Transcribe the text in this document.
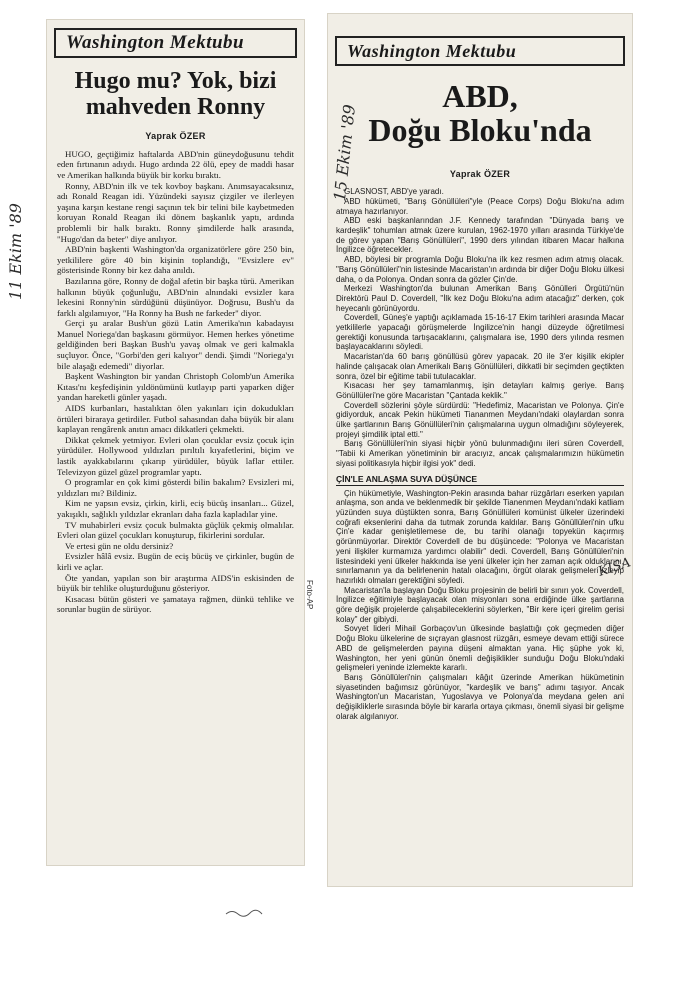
Washington Mektubu
Hugo mu? Yok, bizi mahveden Ronny
Yaprak ÖZER

HUGO, geçtiğimiz haftalarda ABD'nin güneydoğusunu tehdit eden fırtınanın adıydı. Hugo ardında 22 ölü, epey de maddi hasar ve Amerikan halkında büyük bir korku bıraktı.

Ronny, ABD'nin ilk ve tek kovboy başkanı. Anımsayacaksınız, adı Ronald Reagan idi. Yüzündeki sayısız çizgiler ve ilerleyen yaşına karşın kestane rengi saçının tek bir telini bile kaybetmeden koruyan Ronald Reagan iki dönem başkanlık yaptı, ardında problemli bir halk bıraktı. Ronny şimdilerde halk arasında, "Hugo'dan da beter" diye anılıyor.

ABD'nin başkenti Washington'da organizatörlere göre 250 bin, yetkililere göre 40 bin kişinin toplandığı, "Evsizlere ev" gösterisinde Ronny bir kez daha anıldı.

Bazılarına göre, Ronny de doğal afetin bir başka türü. Amerikan halkının büyük çoğunluğu, ABD'nin alnındaki evsizler kara lekesini Ronny'nin sürdüğünü düşünüyor. Doğrusu, Bush'u da farklı algılamıyor, "Ha Ronny ha Bush ne farkeder" diyor.

Gerçi şu aralar Bush'un gözü Latin Amerika'nın kabadayısı Manuel Noriega'dan başkasını görmüyor. Hemen herkes yönetime geldiğinden beri Başkan Bush'u yavaş olmak ve geri kalmakla suçluyor. Önce, "Gorbi'den geri kalıyor" dendi. Şimdi "Noriega'yı bile alaşağı edemedi" diyorlar.

Başkent Washington bir yandan Christoph Colomb'un Amerika Kıtası'nı keşfedişinin yıldönümünü kutlayıp parti yaparken diğer yandan hareketli günler yaşadı.

AIDS kurbanları, hastalıktan ölen yakınları için dokudukları örtüleri biraraya getirdiler. Futbol sahasından daha büyük bir alanı kaplayan rengârenk anıtın amacı dikkatleri çekmekti.

Dikkat çekmek yetmiyor. Evleri olan çocuklar evsiz çocuk için yürüdüler. Hollywood yıldızları pırıltılı kıyafetlerini, biçim ve lastik ayakkabılarını çıkarıp yürüdüler, büyük laflar ettiler. Televizyon güzel güzel programlar yaptı.

O programlar en çok kimi gösterdi bilin bakalım? Evsizleri mi, yıldızları mı? Bildiniz.

Kim ne yapsın evsiz, çirkin, kirli, eciş bücüş insanları... Güzel, yakışıklı, sağlıklı yıldızlar ekranları daha fazla kapladılar yine.

TV muhabirleri evsiz çocuk bulmakta güçlük çekmiş olmalılar. Evleri olan güzel çocukları konuşturup, fikirlerini sordular.

Ve ertesi gün ne oldu dersiniz?

Evsizler hâlâ evsiz. Bugün de eciş bücüş ve çirkinler, bugün de kirli ve açlar.

Öte yandan, yapılan son bir araştırma AIDS'in eskisinden de büyük bir tehlike oluşturduğunu gösteriyor.

Kısacası bütün gösteri ve şamataya rağmen, dünkü tehlike ve sorunlar bugün de sürüyor.

Washington Mektubu
ABD,
Doğu Bloku'nda
Yaprak ÖZER

GLASNOST, ABD'ye yaradı.

ABD hükümeti, "Barış Gönüllüleri"yle (Peace Corps) Doğu Bloku'na adım atmaya hazırlanıyor.

ABD eski başkanlarından J.F. Kennedy tarafından "Dünyada barış ve kardeşlik" tohumları atmak üzere kurulan, 1962-1970 yılları arasında Türkiye'de de görev yapan "Barış Gönüllüleri", 1990 ders yılından itibaren Macar halkına İngilizce öğretecekler.

ABD, böylesi bir programla Doğu Bloku'na ilk kez resmen adım atmış olacak. "Barış Gönüllüleri"nin listesinde Macaristan'ın ardında bir diğer Doğu Bloku ülkesi daha, o da Polonya. Ondan sonra da gözler Çin'de.

Merkezi Washington'da bulunan Amerikan Barış Gönülleri Örgütü'nün Direktörü Paul D. Coverdell, "İlk kez Doğu Bloku'na adım atacağız" derken, çok heyecanlı görünüyordu.

Coverdell, Güneş'e yaptığı açıklamada 15-16-17 Ekim tarihleri arasında Macar yetkililerle yapacağı görüşmelerde İngilizce'nin hangi düzeyde öğretilmesi gerektiği konusunda tartışacaklarını, çalışmalara ise, 1990 ders yılında resmen başlayacaklarını söyledi.

Macaristan'da 60 barış gönüllüsü görev yapacak. 20 ile 3'er kişilik ekipler halinde çalışacak olan Amerikalı Barış Gönüllüleri, dikkatli bir seçimden geçtikten sonra, özel bir eğitime tabii tutulacaklar.

Kısacası her şey tamamlanmış, işin detayları kalmış geriye. Barış Gönüllüleri'ne göre Macaristan "Çantada keklik."

Coverdell sözlerini şöyle sürdürdü: "Hedefimiz, Macaristan ve Polonya. Çin'e gidiyorduk, ancak Pekin hükümeti Tiananmen Meydanı'ndaki olaylardan sonra ülke şartlarının Barış Gönüllüleri'nin çalışmalarına uygun olmadığını söyleyerek, projeyi şimdilik iptal etti."

Barış Gönüllüleri'nin siyasi hiçbir yönü bulunmadığını ileri süren Coverdell, "Tabii ki Amerikan yönetiminin bir aracıyız, ancak çalışmalarımızın hükümetin siyasi politikasıyla hiçbir ilgisi yok" dedi.

ÇİN'LE ANLAŞMA SUYA DÜŞÜNCE

Çin hükümetiyle, Washington-Pekin arasında bahar rüzgârları eserken yapılan anlaşma, son anda ve beklenmedik bir şekilde Tianenmen Meydanı'ndaki katliam yüzünden suya düştükten sonra, Barış Gönüllüleri komünist ülkeler üzerindeki coğrafi eksenlerini daha da tutmak zorunda kaldılar. Barış Gönüllüleri'nin ufku Çin'e kadar genişletilemese de, bu tarihi olanağı topyekün kaçırmış görünmüyorlar. Direktör Coverdell de bu düşüncede: "Polonya ve Macaristan yeni ilişkiler kurmamıza yardımcı olabilir" dedi. Coverdell, Barış Gönüllüleri'nin listesindeki yeni ülkeler hakkında ise yeni ülkeler için her zaman açık olduklarını, sınırlamanın ya da belirlenenin hatalı olacağını, örgüt olarak gelişmeleri izleyip hazırlıklı olmaları gerektiğini söyledi.

Macaristan'la başlayan Doğu Bloku projesinin de belirli bir sınırı yok. Coverdell, İngilizce eğitimiyle başlayacak olan misyonları sona erdiğinde ülke şartlarına göre değişik projelerde çalışabileceklerini söylerken, "Bir kere içeri girelim gerisi kolay" der gibiydi.

Sovyet lideri Mihail Gorbaçov'un ülkesinde başlattığı çok geçmeden diğer Doğu Bloku ülkelerine de sıçrayan glasnost rüzgârı, esmeye devam ettiği sürece ABD de gelişmelerden payına düşeni almaktan yana. Hiç şüphe yok ki, Washington, her yeni günün önemli değişiklikler sunduğu Doğu Bloku'ndaki gelişmeleri yeninde izlemekte kararlı.

Barış Gönüllüleri'nin çalışmaları kâğıt üzerinde Amerikan hükümetinin siyasetinden bağımsız görünüyor, "kardeşlik ve barış" adımı taşıyor. Ancak Washington'un Macaristan, Yugoslavya ve Polonya'da meydana gelen ani değişikliklerle sırasında böyle bir kararla ortaya çıkması, önemli siyasi bir gelişme olarak algılanıyor.

11 Ekim '89
15 Ekim '89
KISA
Foto-AP
